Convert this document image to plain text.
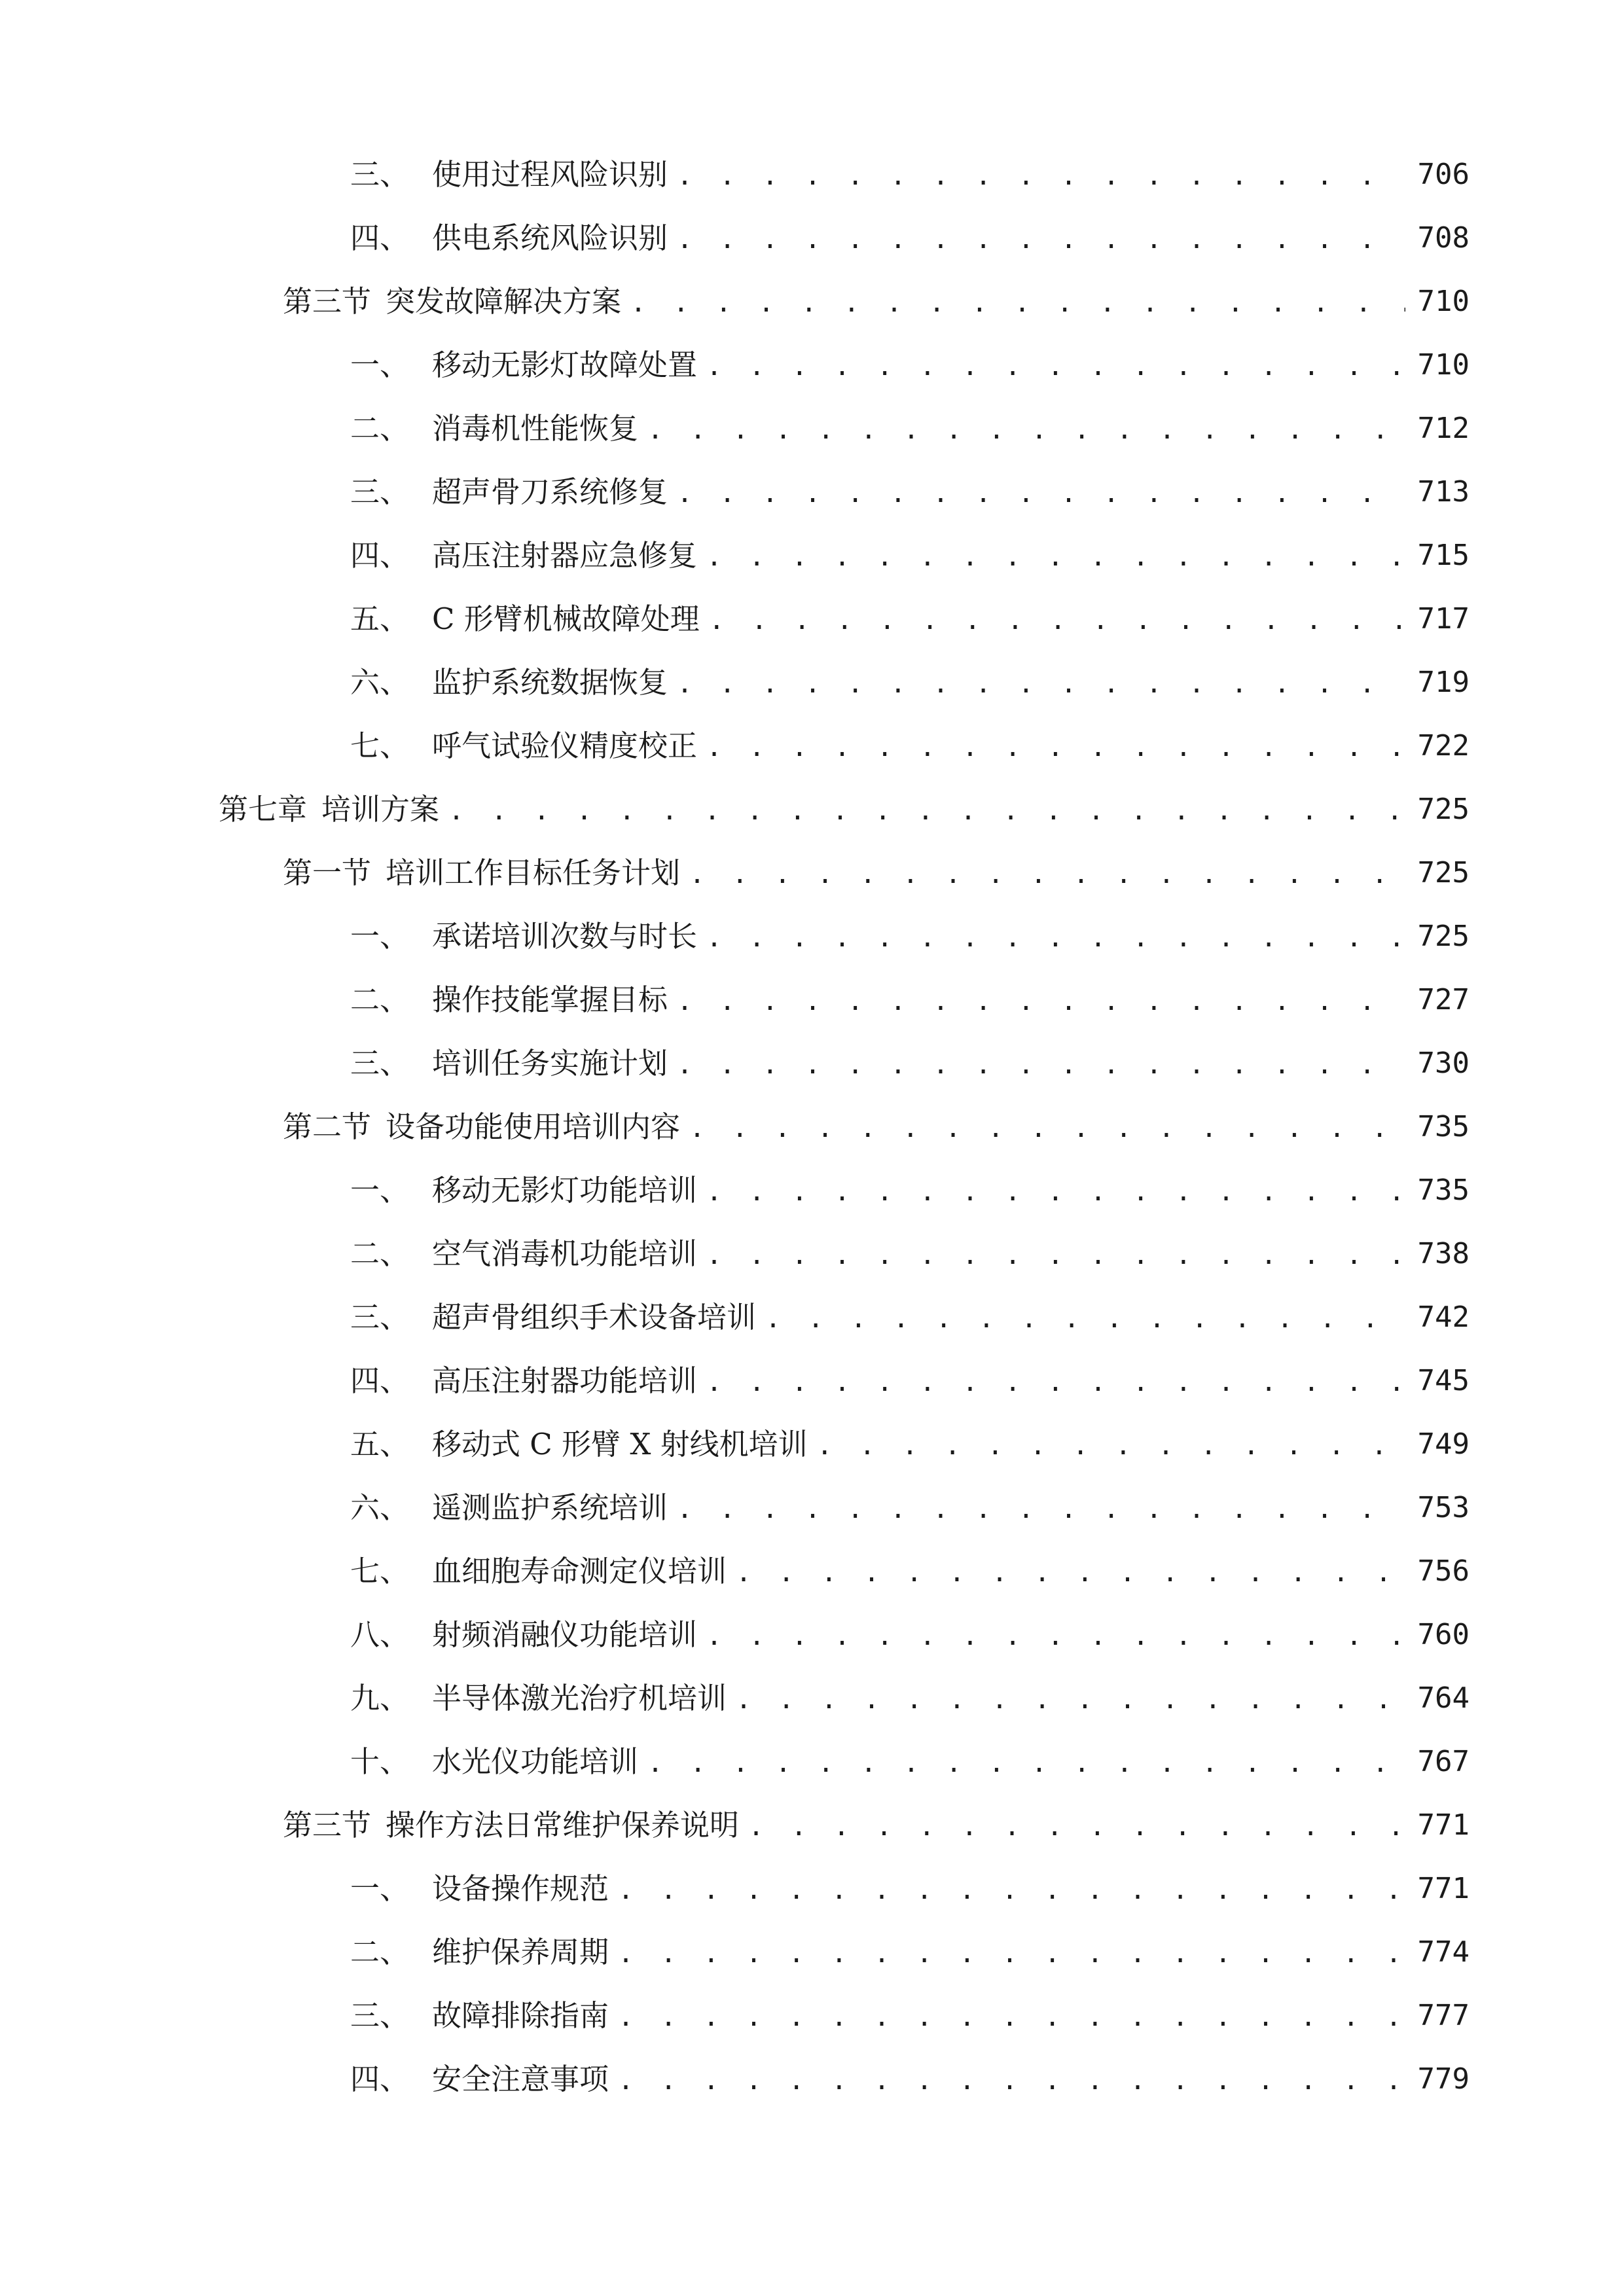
三、 使用过程风险识别 . . .	706
四、 供电系统风险识别 . . .	708
第三节 突发故障解决方案 . . .	710
一、 移动无影灯故障处置 . . .	710
二、 消毒机性能恢复 . . .	712
三、 超声骨刀系统修复 . . .	713
四、 高压注射器应急修复 . . .	715
五、 C 形臂机械故障处理 . . .	717
六、 监护系统数据恢复 . . .	719
七、 呼气试验仪精度校正 . . .	722
第七章 培训方案 . . .	725
第一节 培训工作目标任务计划 . . .	725
一、 承诺培训次数与时长 . . .	725
二、 操作技能掌握目标 . . .	727
三、 培训任务实施计划 . . .	730
第二节 设备功能使用培训内容 . . .	735
一、 移动无影灯功能培训 . . .	735
二、 空气消毒机功能培训 . . .	738
三、 超声骨组织手术设备培训 . . .	742
四、 高压注射器功能培训 . . .	745
五、 移动式 C 形臂 X 射线机培训 . . .	749
六、 遥测监护系统培训 . . .	753
七、 血细胞寿命测定仪培训 . . .	756
八、 射频消融仪功能培训 . . .	760
九、 半导体激光治疗机培训 . . .	764
十、 水光仪功能培训 . . .	767
第三节 操作方法日常维护保养说明 . . .	771
一、 设备操作规范 . . .	771
二、 维护保养周期 . . .	774
三、 故障排除指南 . . .	777
四、 安全注意事项 . . .	779
